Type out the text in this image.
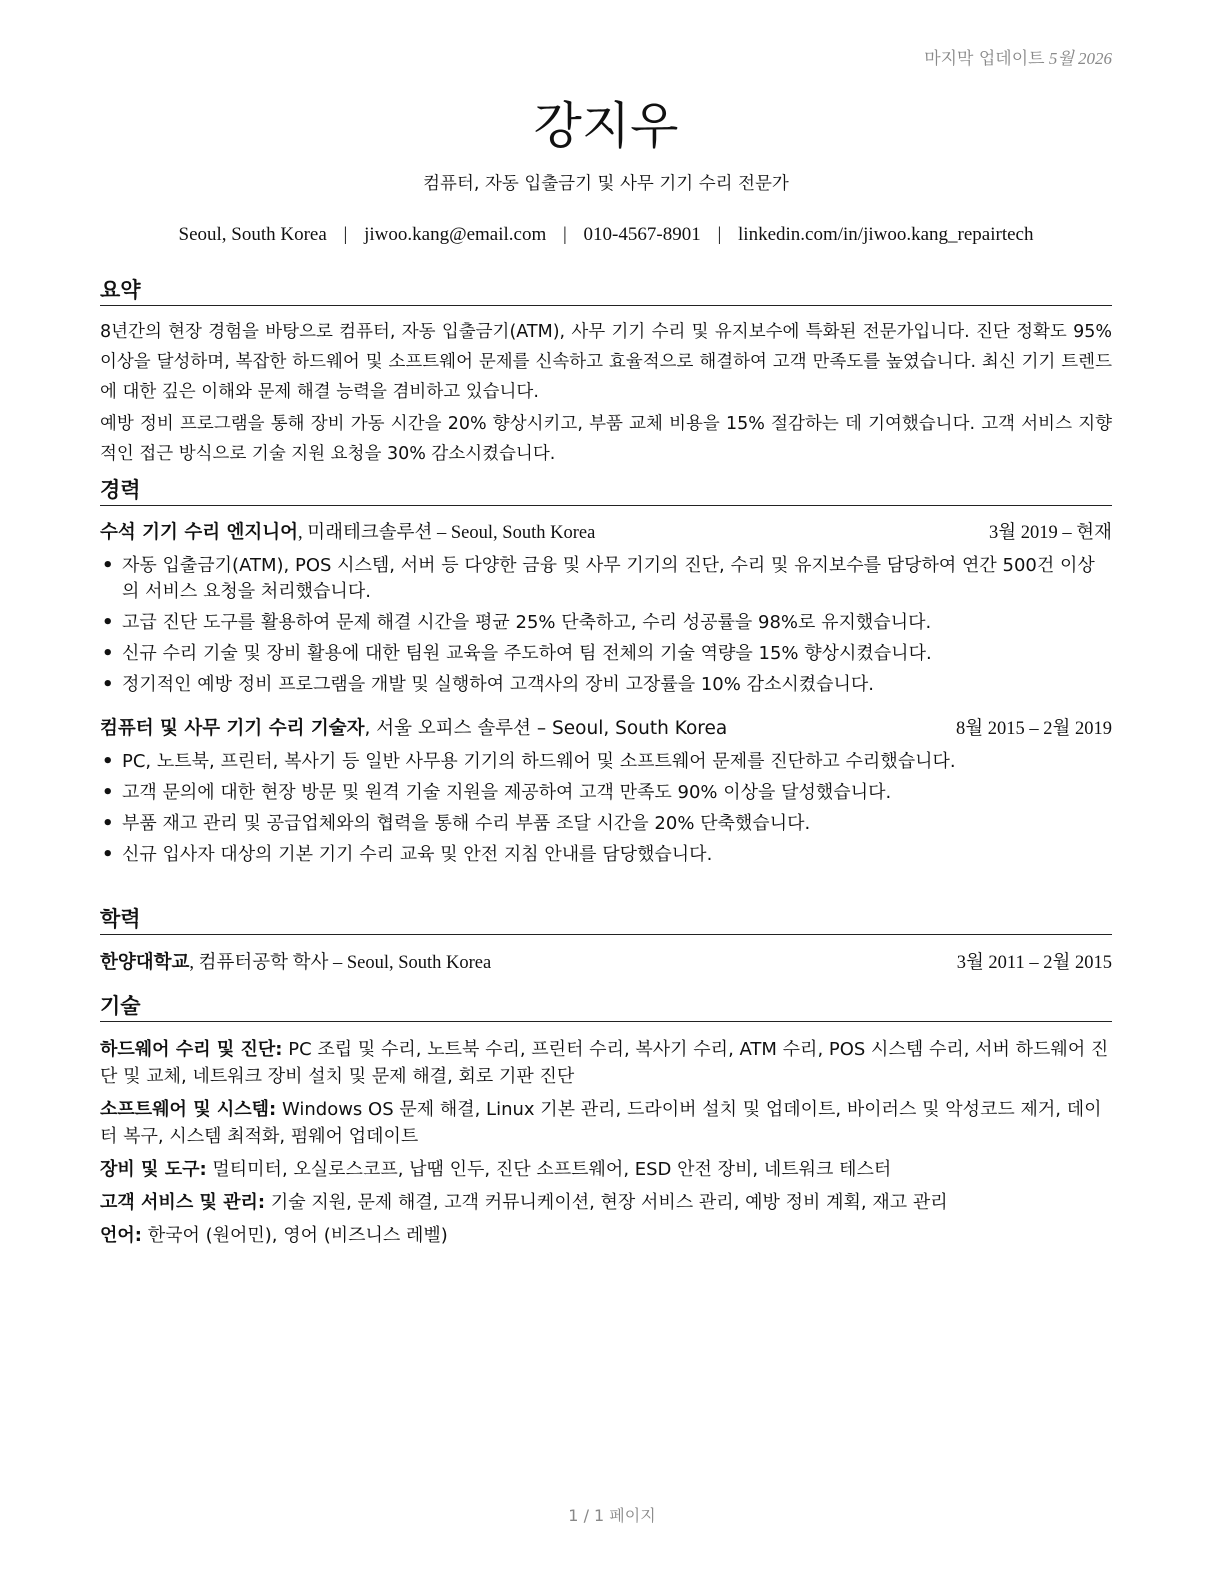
마지막 업데이트 5월 2026
강지우
컴퓨터, 자동 입출금기 및 사무 기기 수리 전문가
Seoul, South Korea | jiwoo.kang@email.com | 010-4567-8901 | linkedin.com/in/jiwoo.kang_repairtech
요약

8년간의 현장 경험을 바탕으로 컴퓨터, 자동 입출금기(ATM), 사무 기기 수리 및 유지보수에 특화된 전문가입니다. 진단 정확도 95% 이상을 달성하며, 복잡한 하드웨어 및 소프트웨어 문제를 신속하고 효율적으로 해결하여 고객 만족도를 높였습니다. 최신 기기 트렌드에 대한 깊은 이해와 문제 해결 능력을 겸비하고 있습니다.

예방 정비 프로그램을 통해 장비 가동 시간을 20% 향상시키고, 부품 교체 비용을 15% 절감하는 데 기여했습니다. 고객 서비스 지향적인 접근 방식으로 기술 지원 요청을 30% 감소시켰습니다.

경력
수석 기기 수리 엔지니어, 미래테크솔루션 – Seoul, South Korea	3월 2019 – 현재
• 자동 입출금기(ATM), POS 시스템, 서버 등 다양한 금융 및 사무 기기의 진단, 수리 및 유지보수를 담당하여 연간 500건 이상의 서비스 요청을 처리했습니다.
• 고급 진단 도구를 활용하여 문제 해결 시간을 평균 25% 단축하고, 수리 성공률을 98%로 유지했습니다.
• 신규 수리 기술 및 장비 활용에 대한 팀원 교육을 주도하여 팀 전체의 기술 역량을 15% 향상시켰습니다.
• 정기적인 예방 정비 프로그램을 개발 및 실행하여 고객사의 장비 고장률을 10% 감소시켰습니다.
컴퓨터 및 사무 기기 수리 기술자, 서울 오피스 솔루션 – Seoul, South Korea	8월 2015 – 2월 2019
• PC, 노트북, 프린터, 복사기 등 일반 사무용 기기의 하드웨어 및 소프트웨어 문제를 진단하고 수리했습니다.
• 고객 문의에 대한 현장 방문 및 원격 기술 지원을 제공하여 고객 만족도 90% 이상을 달성했습니다.
• 부품 재고 관리 및 공급업체와의 협력을 통해 수리 부품 조달 시간을 20% 단축했습니다.
• 신규 입사자 대상의 기본 기기 수리 교육 및 안전 지침 안내를 담당했습니다.
학력
한양대학교, 컴퓨터공학 학사 – Seoul, South Korea	3월 2011 – 2월 2015
기술

하드웨어 수리 및 진단: PC 조립 및 수리, 노트북 수리, 프린터 수리, 복사기 수리, ATM 수리, POS 시스템 수리, 서버 하드웨어 진단 및 교체, 네트워크 장비 설치 및 문제 해결, 회로 기판 진단

소프트웨어 및 시스템: Windows OS 문제 해결, Linux 기본 관리, 드라이버 설치 및 업데이트, 바이러스 및 악성코드 제거, 데이터 복구, 시스템 최적화, 펌웨어 업데이트

장비 및 도구: 멀티미터, 오실로스코프, 납땜 인두, 진단 소프트웨어, ESD 안전 장비, 네트워크 테스터

고객 서비스 및 관리: 기술 지원, 문제 해결, 고객 커뮤니케이션, 현장 서비스 관리, 예방 정비 계획, 재고 관리

언어: 한국어 (원어민), 영어 (비즈니스 레벨)

1 / 1 페이지
